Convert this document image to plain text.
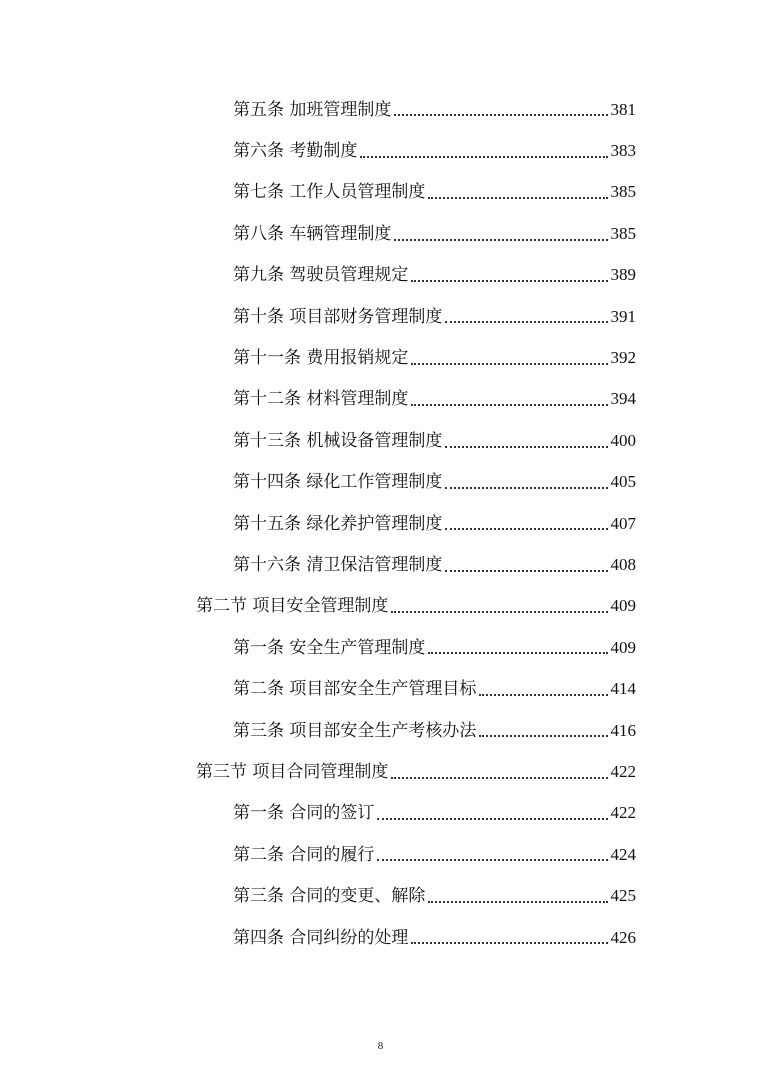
第五条 加班管理制度	381
第六条 考勤制度	383
第七条 工作人员管理制度	385
第八条 车辆管理制度	385
第九条 驾驶员管理规定	389
第十条 项目部财务管理制度	391
第十一条 费用报销规定	392
第十二条 材料管理制度	394
第十三条 机械设备管理制度	400
第十四条 绿化工作管理制度	405
第十五条 绿化养护管理制度	407
第十六条 清卫保洁管理制度	408
第二节 项目安全管理制度	409
第一条 安全生产管理制度	409
第二条 项目部安全生产管理目标	414
第三条 项目部安全生产考核办法	416
第三节 项目合同管理制度	422
第一条 合同的签订	422
第二条 合同的履行	424
第三条 合同的变更、解除	425
第四条 合同纠纷的处理	426
8
